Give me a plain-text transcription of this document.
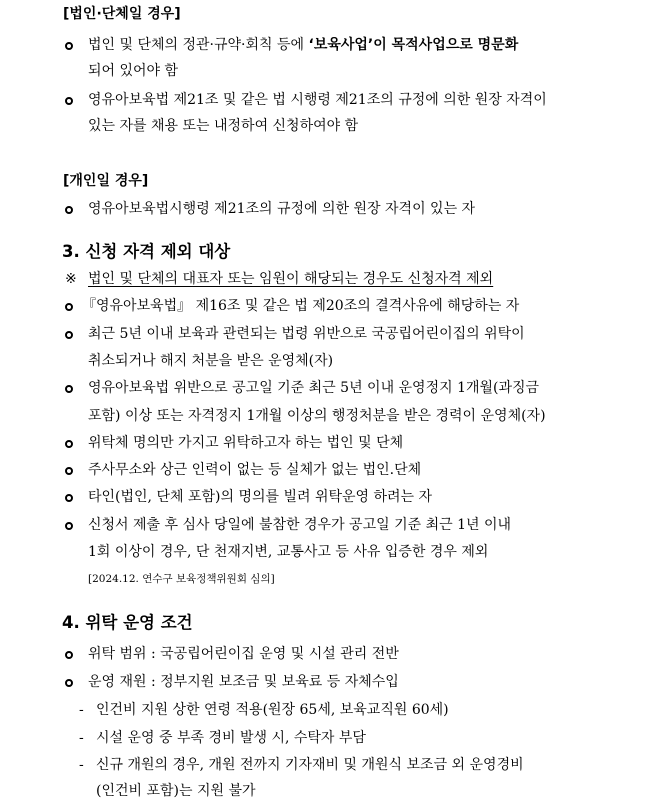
[법인·단체일 경우]
법인 및 단체의 정관·규약·회칙 등에 ‘보육사업’이 목적사업으로 명문화
되어 있어야 함
영유아보육법 제21조 및 같은 법 시행령 제21조의 규정에 의한 원장 자격이
있는 자를 채용 또는 내정하여 신청하여야 함
[개인일 경우]
영유아보육법시행령 제21조의 규정에 의한 원장 자격이 있는 자
3. 신청 자격 제외 대상
※ 법인 및 단체의 대표자 또는 임원이 해당되는 경우도 신청자격 제외
『영유아보육법』 제16조 및 같은 법 제20조의 결격사유에 해당하는 자
최근 5년 이내 보육과 관련되는 법령 위반으로 국공립어린이집의 위탁이
취소되거나 해지 처분을 받은 운영체(자)
영유아보육법 위반으로 공고일 기준 최근 5년 이내 운영정지 1개월(과징금
포함) 이상 또는 자격정지 1개월 이상의 행정처분을 받은 경력이 운영체(자)
위탁체 명의만 가지고 위탁하고자 하는 법인 및 단체
주사무소와 상근 인력이 없는 등 실체가 없는 법인.단체
타인(법인, 단체 포함)의 명의를 빌려 위탁운영 하려는 자
신청서 제출 후 심사 당일에 불참한 경우가 공고일 기준 최근 1년 이내
1회 이상이 경우, 단 천재지변, 교통사고 등 사유 입증한 경우 제외
[2024.12. 연수구 보육정책위원회 심의]
4. 위탁 운영 조건
위탁 범위 : 국공립어린이집 운영 및 시설 관리 전반
운영 재원 : 정부지원 보조금 및 보육료 등 자체수입
- 인건비 지원 상한 연령 적용(원장 65세, 보육교직원 60세)
- 시설 운영 중 부족 경비 발생 시, 수탁자 부담
- 신규 개원의 경우, 개원 전까지 기자재비 및 개원식 보조금 외 운영경비
(인건비 포함)는 지원 불가
